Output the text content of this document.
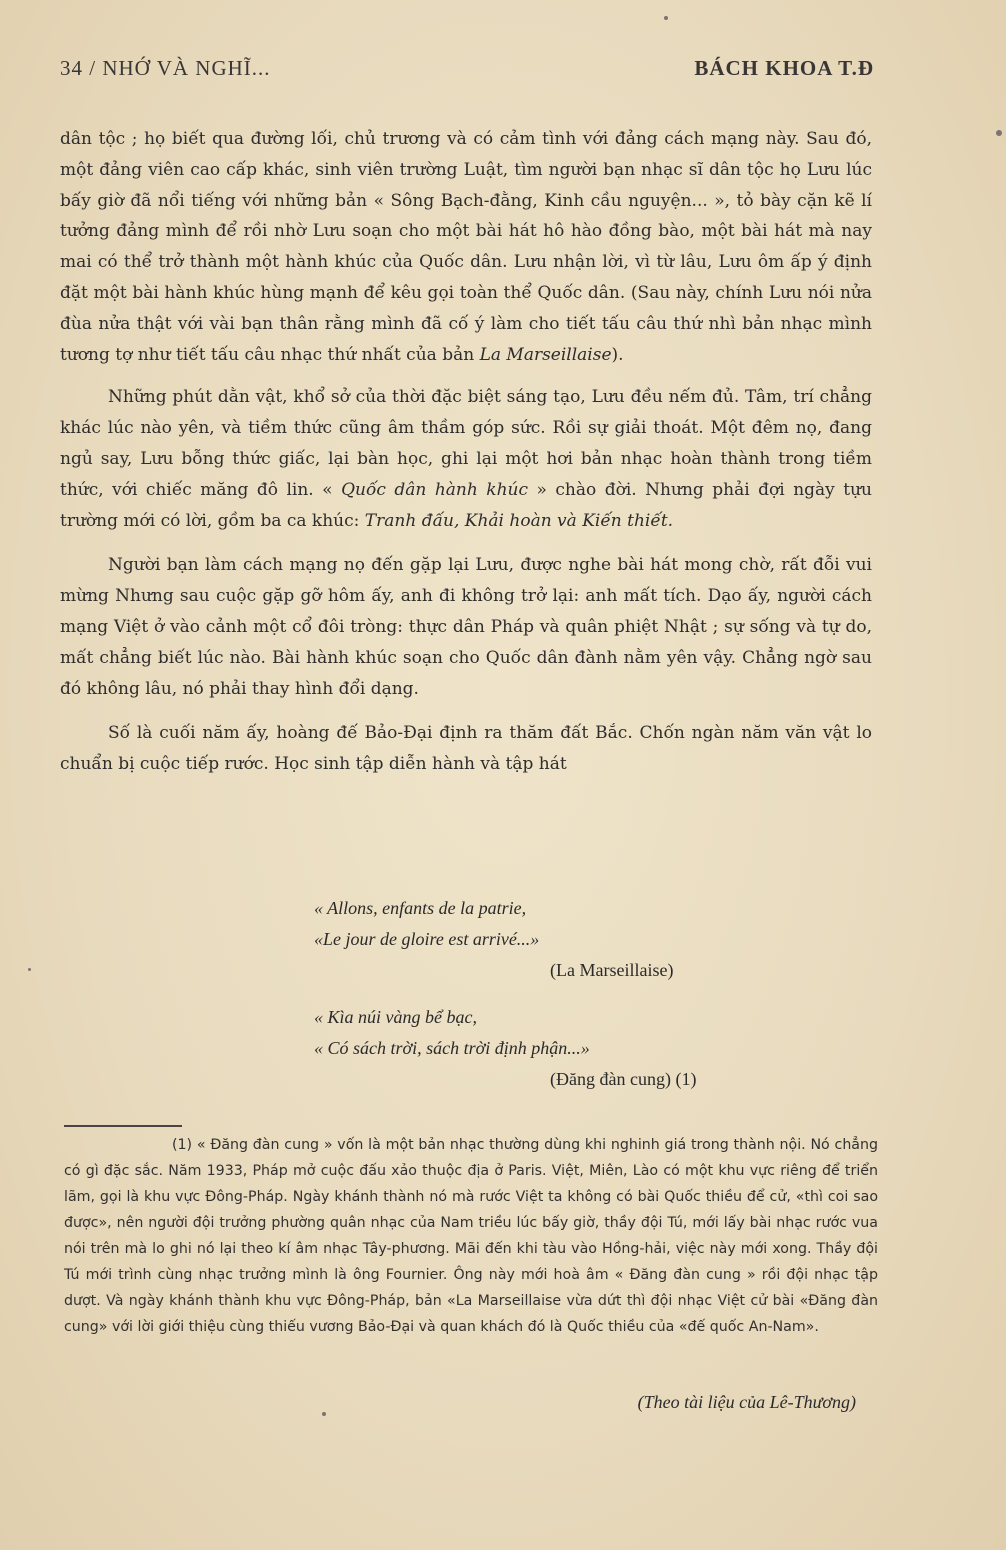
34 / NHỚ VÀ NGHĨ...	BÁCH KHOA T.Đ

dân tộc ; họ biết qua đường lối, chủ trương và có cảm tình với đảng cách mạng này. Sau đó, một đảng viên cao cấp khác, sinh viên trường Luật, tìm người bạn nhạc sĩ dân tộc họ Lưu lúc bấy giờ đã nổi tiếng với những bản « Sông Bạch-đằng, Kinh cầu nguyện... », tỏ bày cặn kẽ lí tưởng đảng mình để rồi nhờ Lưu soạn cho một bài hát hô hào đồng bào, một bài hát mà nay mai có thể trở thành một hành khúc của Quốc dân. Lưu nhận lời, vì từ lâu, Lưu ôm ấp ý định đặt một bài hành khúc hùng mạnh để kêu gọi toàn thể Quốc dân. (Sau này, chính Lưu nói nửa đùa nửa thật với vài bạn thân rằng mình đã cố ý làm cho tiết tấu câu thứ nhì bản nhạc mình tương tợ như tiết tấu câu nhạc thứ nhất của bản La Marseillaise).

Những phút dằn vật, khổ sở của thời đặc biệt sáng tạo, Lưu đều nếm đủ. Tâm, trí chẳng khác lúc nào yên, và tiềm thức cũng âm thầm góp sức. Rồi sự giải thoát. Một đêm nọ, đang ngủ say, Lưu bỗng thức giấc, lại bàn học, ghi lại một hơi bản nhạc hoàn thành trong tiềm thức, với chiếc măng đô lin. « Quốc dân hành khúc » chào đời. Nhưng phải đợi ngày tựu trường mới có lời, gồm ba ca khúc: Tranh đấu, Khải hoàn và Kiến thiết.

Người bạn làm cách mạng nọ đến gặp lại Lưu, được nghe bài hát mong chờ, rất đỗi vui mừng Nhưng sau cuộc gặp gỡ hôm ấy, anh đi không trở lại: anh mất tích. Dạo ấy, người cách mạng Việt ở vào cảnh một cổ đôi tròng: thực dân Pháp và quân phiệt Nhật ; sự sống và tự do, mất chẳng biết lúc nào. Bài hành khúc soạn cho Quốc dân đành nằm yên vậy. Chẳng ngờ sau đó không lâu, nó phải thay hình đổi dạng.

Số là cuối năm ấy, hoàng đế Bảo-Đại định ra thăm đất Bắc. Chốn ngàn năm văn vật lo chuẩn bị cuộc tiếp rước. Học sinh tập diễn hành và tập hát

« Allons, enfants de la patrie,
«Le jour de gloire est arrivé...»
(La Marseillaise)
« Kìa núi vàng bể bạc,
« Có sách trời, sách trời định phận...»
(Đăng đàn cung) (1)

(1) « Đăng đàn cung » vốn là một bản nhạc thường dùng khi nghinh giá trong thành nội. Nó chẳng có gì đặc sắc. Năm 1933, Pháp mở cuộc đấu xảo thuộc địa ở Paris. Việt, Miên, Lào có một khu vực riêng để triển lãm, gọi là khu vực Đông-Pháp. Ngày khánh thành nó mà rước Việt ta không có bài Quốc thiều để cử, «thì coi sao được», nên người đội trưởng phường quân nhạc của Nam triều lúc bấy giờ, thầy đội Tú, mới lấy bài nhạc rước vua nói trên mà lo ghi nó lại theo kí âm nhạc Tây-phương. Mãi đến khi tàu vào Hồng-hải, việc này mới xong. Thầy đội Tú mới trình cùng nhạc trưởng mình là ông Fournier. Ông này mới hoà âm « Đăng đàn cung » rồi đội nhạc tập dượt. Và ngày khánh thành khu vực Đông-Pháp, bản «La Marseillaise vừa dứt thì đội nhạc Việt cử bài «Đăng đàn cung» với lời giới thiệu cùng thiếu vương Bảo-Đại và quan khách đó là Quốc thiều của «đế quốc An-Nam».

(Theo tài liệu của Lê-Thương)
